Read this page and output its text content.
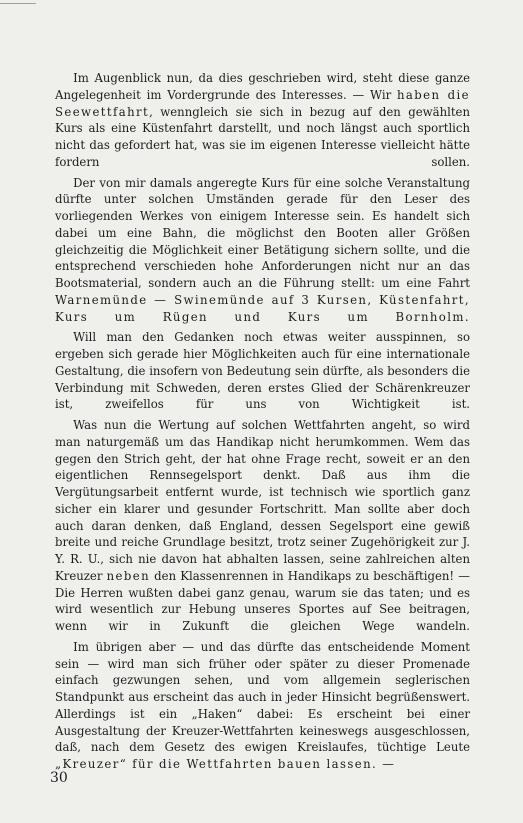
Im Augenblick nun, da dies geschrieben wird, steht diese ganze Angelegenheit im Vordergrunde des Interesses. — Wir haben die Seewettfahrt, wenngleich sie sich in bezug auf den gewählten Kurs als eine Küstenfahrt darstellt, und noch längst auch sportlich nicht das gefordert hat, was sie im eigenen Interesse vielleicht hätte fordern sollen.

Der von mir damals angeregte Kurs für eine solche Veranstaltung dürfte unter solchen Umständen gerade für den Leser des vorliegenden Werkes von einigem Interesse sein. Es handelt sich dabei um eine Bahn, die möglichst den Booten aller Größen gleichzeitig die Möglichkeit einer Betätigung sichern sollte, und die entsprechend verschieden hohe Anforderungen nicht nur an das Bootsmaterial, sondern auch an die Führung stellt: um eine Fahrt Warnemünde — Swinemünde auf 3 Kursen, Küstenfahrt, Kurs um Rügen und Kurs um Bornholm.

Will man den Gedanken noch etwas weiter ausspinnen, so ergeben sich gerade hier Möglichkeiten auch für eine internationale Gestaltung, die insofern von Bedeutung sein dürfte, als besonders die Verbindung mit Schweden, deren erstes Glied der Schärenkreuzer ist, zweifellos für uns von Wichtigkeit ist.

Was nun die Wertung auf solchen Wettfahrten angeht, so wird man naturgemäß um das Handikap nicht herumkommen. Wem das gegen den Strich geht, der hat ohne Frage recht, soweit er an den eigentlichen Rennsegelsport denkt. Daß aus ihm die Vergütungsarbeit entfernt wurde, ist technisch wie sportlich ganz sicher ein klarer und gesunder Fortschritt. Man sollte aber doch auch daran denken, daß England, dessen Segelsport eine gewiß breite und reiche Grundlage besitzt, trotz seiner Zugehörigkeit zur J. Y. R. U., sich nie davon hat abhalten lassen, seine zahlreichen alten Kreuzer neben den Klassenrennen in Handikaps zu beschäftigen! — Die Herren wußten dabei ganz genau, warum sie das taten; und es wird wesentlich zur Hebung unseres Sportes auf See beitragen, wenn wir in Zukunft die gleichen Wege wandeln.

Im übrigen aber — und das dürfte das entscheidende Moment sein — wird man sich früher oder später zu dieser Promenade einfach gezwungen sehen, und vom allgemein seglerischen Standpunkt aus erscheint das auch in jeder Hinsicht begrüßenswert. Allerdings ist ein „Haken“ dabei: Es erscheint bei einer Ausgestaltung der Kreuzer-Wettfahrten keineswegs ausgeschlossen, daß, nach dem Gesetz des ewigen Kreislaufes, tüchtige Leute „Kreuzer“ für die Wettfahrten bauen lassen. —

30
